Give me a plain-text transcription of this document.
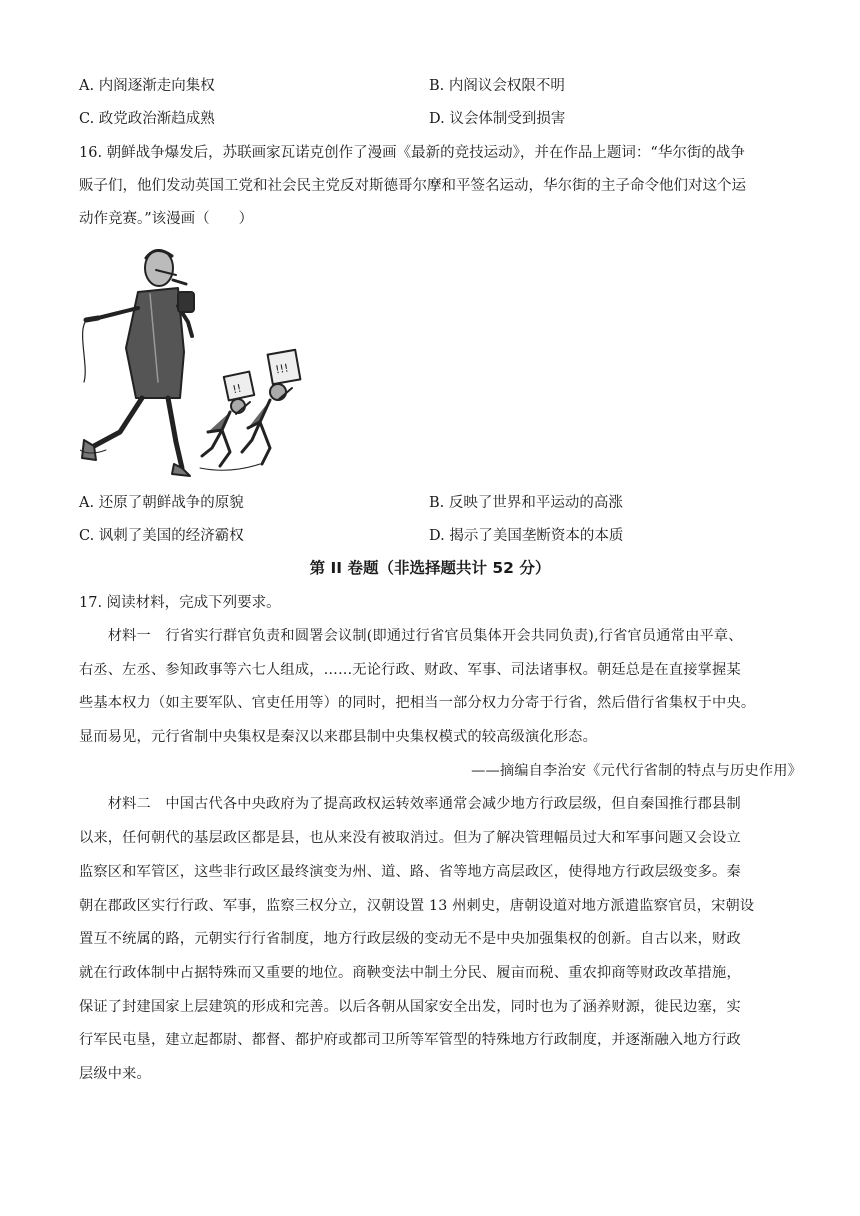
A. 内阁逐渐走向集权	B. 内阁议会权限不明
C. 政党政治渐趋成熟	D. 议会体制受到损害
16. 朝鲜战争爆发后，苏联画家瓦诺克创作了漫画《最新的竞技运动》，并在作品上题词：“华尔街的战争
贩子们，他们发动英国工党和社会民主党反对斯德哥尔摩和平签名运动，华尔街的主子命令他们对这个运
动作竞赛。”该漫画（　　）
!!
!!!
A. 还原了朝鲜战争的原貌	B. 反映了世界和平运动的高涨
C. 讽刺了美国的经济霸权	D. 揭示了美国垄断资本的本质
第 II 卷题（非选择题共计 52 分）
17. 阅读材料，完成下列要求。
　　材料一　行省实行群官负责和圆署会议制(即通过行省官员集体开会共同负责),行省官员通常由平章、
右丞、左丞、参知政事等六七人组成，……无论行政、财政、军事、司法诸事权。朝廷总是在直接掌握某
些基本权力（如主要军队、官吏任用等）的同时，把相当一部分权力分寄于行省，然后借行省集权于中央。
显而易见，元行省制中央集权是秦汉以来郡县制中央集权模式的较高级演化形态。
——摘编自李治安《元代行省制的特点与历史作用》
　　材料二　中国古代各中央政府为了提高政权运转效率通常会减少地方行政层级，但自秦国推行郡县制
以来，任何朝代的基层政区都是县，也从来没有被取消过。但为了解决管理幅员过大和军事问题又会设立
监察区和军管区，这些非行政区最终演变为州、道、路、省等地方高层政区，使得地方行政层级变多。秦
朝在郡政区实行行政、军事，监察三权分立，汉朝设置 13 州刺史，唐朝设道对地方派遣监察官员，宋朝设
置互不统属的路，元朝实行行省制度，地方行政层级的变动无不是中央加强集权的创新。自古以来，财政
就在行政体制中占据特殊而又重要的地位。商鞅变法中制土分民、履亩而税、重农抑商等财政改革措施，
保证了封建国家上层建筑的形成和完善。以后各朝从国家安全出发，同时也为了涵养财源，徙民边塞，实
行军民屯垦，建立起都尉、都督、都护府或都司卫所等军管型的特殊地方行政制度，并逐渐融入地方行政
层级中来。
